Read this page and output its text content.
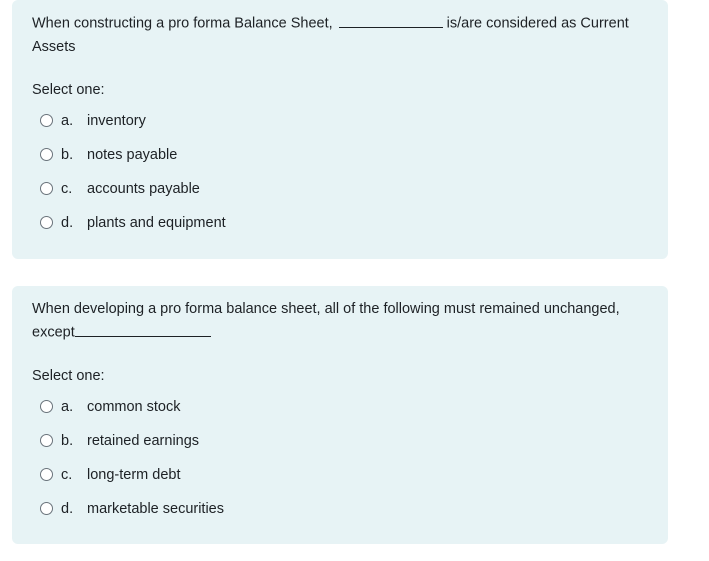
When constructing a pro forma Balance Sheet,	is/are considered as Current Assets

Select one:
a. inventory
b. notes payable
c.	accounts payable
d. plants and equipment

When developing a pro forma balance sheet, all of the following must remained unchanged, except

Select one:
a. common stock
b. retained earnings
c.	long-term debt
d. marketable securities
